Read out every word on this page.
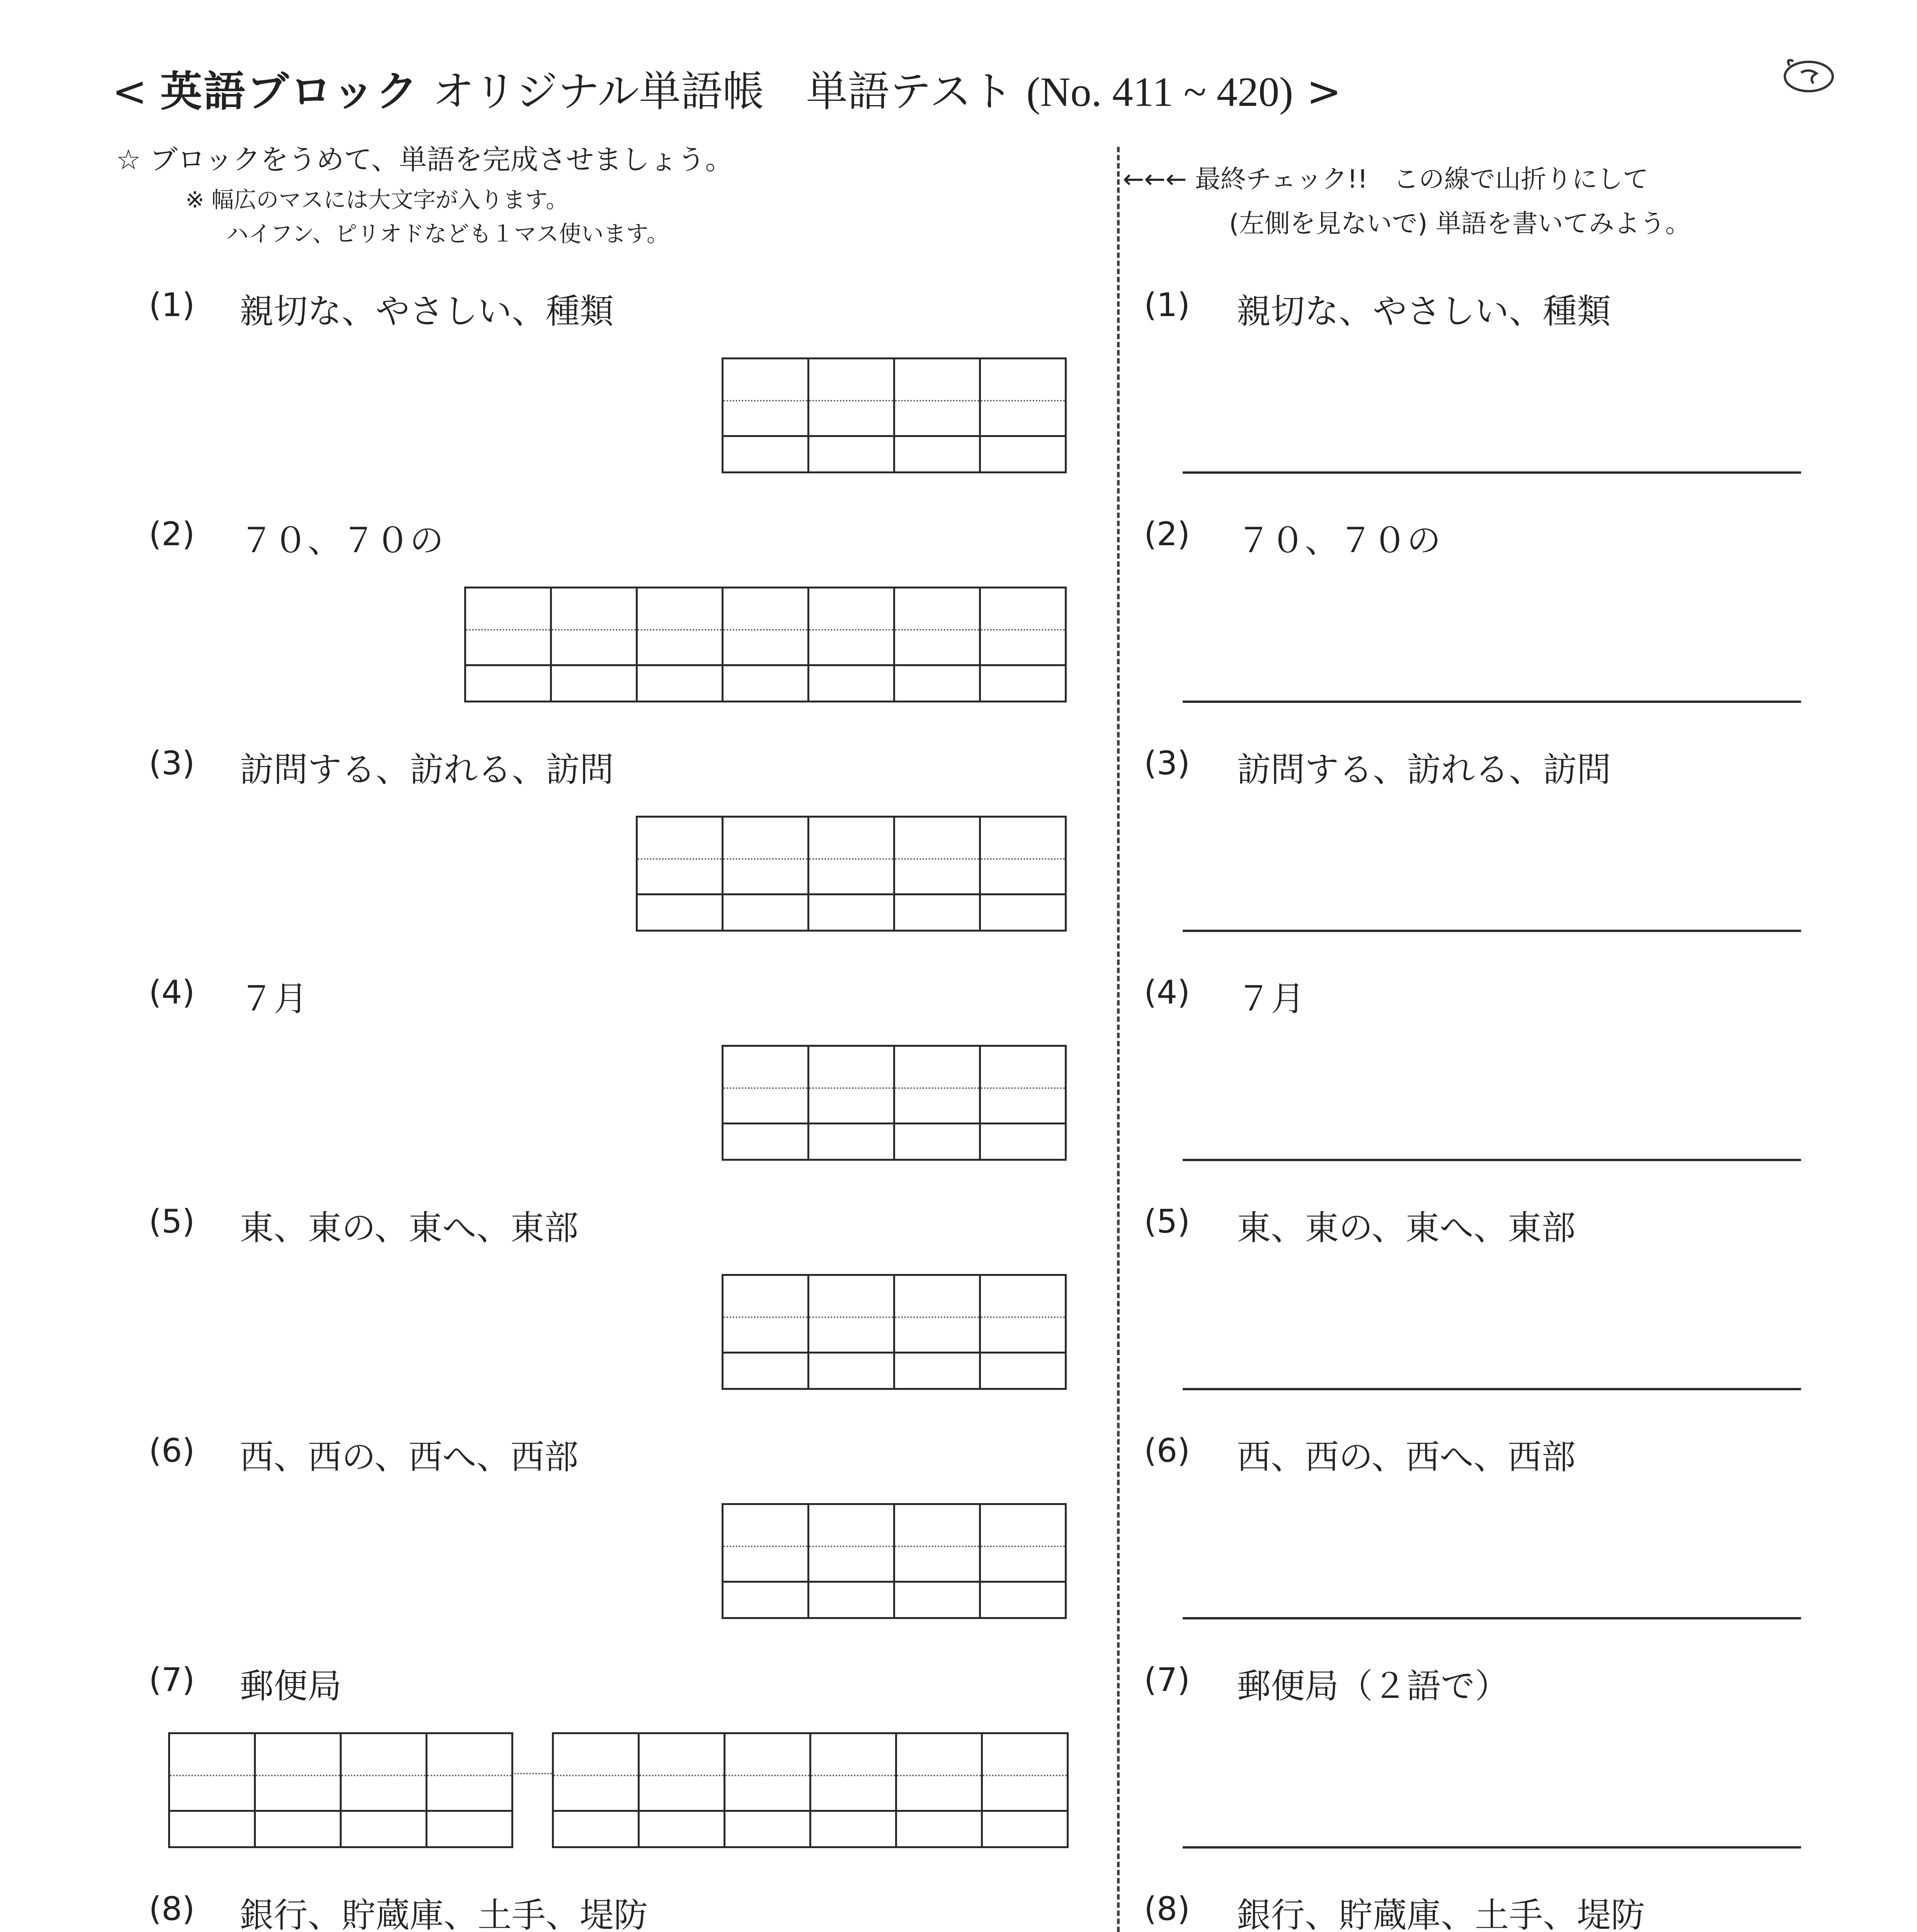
< 英語ブロック オリジナル単語帳　単語テスト (No. 411 ~ 420) >
☆ ブロックをうめて、単語を完成させましょう。
※ 幅広のマスには大文字が入ります。
ハイフン、ピリオドなども１マス使います。
←←← 最終チェック!!　この線で山折りにして
(左側を見ないで) 単語を書いてみよう。
(1) 親切な、やさしい、種類
(2) ７０、７０の
(3) 訪問する、訪れる、訪問
(4) ７月
(5) 東、東の、東へ、東部
(6) 西、西の、西へ、西部
(7) 郵便局
(8) 銀行、貯蔵庫、土手、堤防
(1) 親切な、やさしい、種類
(2) ７０、７０の
(3) 訪問する、訪れる、訪問
(4) ７月
(5) 東、東の、東へ、東部
(6) 西、西の、西へ、西部
(7) 郵便局（２語で）
(8) 銀行、貯蔵庫、土手、堤防
